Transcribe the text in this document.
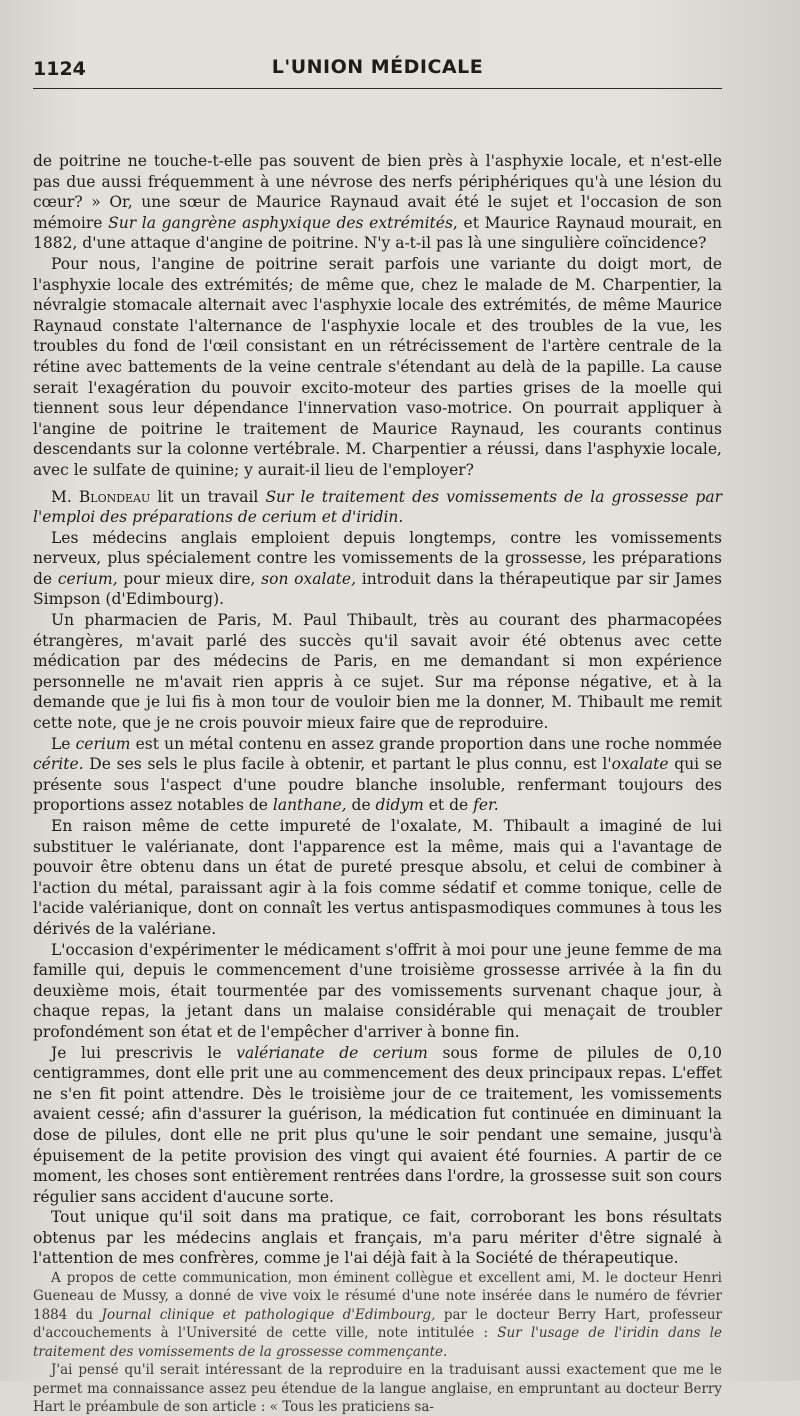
1124	L'UNION MÉDICALE

de poitrine ne touche-t-elle pas souvent de bien près à l'asphyxie locale, et n'est-elle pas due aussi fréquemment à une névrose des nerfs périphériques qu'à une lésion du cœur? » Or, une sœur de Maurice Raynaud avait été le sujet et l'occasion de son mémoire Sur la gangrène asphyxique des extrémités, et Maurice Raynaud mourait, en 1882, d'une attaque d'angine de poitrine. N'y a-t-il pas là une singulière coïncidence?

Pour nous, l'angine de poitrine serait parfois une variante du doigt mort, de l'asphyxie locale des extrémités; de même que, chez le malade de M. Charpentier, la névralgie stomacale alternait avec l'asphyxie locale des extrémités, de même Maurice Raynaud constate l'alternance de l'asphyxie locale et des troubles de la vue, les troubles du fond de l'œil consistant en un rétrécissement de l'artère centrale de la rétine avec battements de la veine centrale s'étendant au delà de la papille. La cause serait l'exagération du pouvoir excito-moteur des parties grises de la moelle qui tiennent sous leur dépendance l'innervation vaso-motrice. On pourrait appliquer à l'angine de poitrine le traitement de Maurice Raynaud, les courants continus descendants sur la colonne vertébrale. M. Charpentier a réussi, dans l'asphyxie locale, avec le sulfate de quinine; y aurait-il lieu de l'employer?

M. Blondeau lit un travail Sur le traitement des vomissements de la grossesse par l'emploi des préparations de cerium et d'iridin.

Les médecins anglais emploient depuis longtemps, contre les vomissements nerveux, plus spécialement contre les vomissements de la grossesse, les préparations de cerium, pour mieux dire, son oxalate, introduit dans la thérapeutique par sir James Simpson (d'Edimbourg).

Un pharmacien de Paris, M. Paul Thibault, très au courant des pharmacopées étrangères, m'avait parlé des succès qu'il savait avoir été obtenus avec cette médication par des médecins de Paris, en me demandant si mon expérience personnelle ne m'avait rien appris à ce sujet. Sur ma réponse négative, et à la demande que je lui fis à mon tour de vouloir bien me la donner, M. Thibault me remit cette note, que je ne crois pouvoir mieux faire que de reproduire.

Le cerium est un métal contenu en assez grande proportion dans une roche nommée cérite. De ses sels le plus facile à obtenir, et partant le plus connu, est l'oxalate qui se présente sous l'aspect d'une poudre blanche insoluble, renfermant toujours des proportions assez notables de lanthane, de didym et de fer.

En raison même de cette impureté de l'oxalate, M. Thibault a imaginé de lui substituer le valérianate, dont l'apparence est la même, mais qui a l'avantage de pouvoir être obtenu dans un état de pureté presque absolu, et celui de combiner à l'action du métal, paraissant agir à la fois comme sédatif et comme tonique, celle de l'acide valérianique, dont on connaît les vertus antispasmodiques communes à tous les dérivés de la valériane.

L'occasion d'expérimenter le médicament s'offrit à moi pour une jeune femme de ma famille qui, depuis le commencement d'une troisième grossesse arrivée à la fin du deuxième mois, était tourmentée par des vomissements survenant chaque jour, à chaque repas, la jetant dans un malaise considérable qui menaçait de troubler profondément son état et de l'empêcher d'arriver à bonne fin.

Je lui prescrivis le valérianate de cerium sous forme de pilules de 0,10 centigrammes, dont elle prit une au commencement des deux principaux repas. L'effet ne s'en fit point attendre. Dès le troisième jour de ce traitement, les vomissements avaient cessé; afin d'assurer la guérison, la médication fut continuée en diminuant la dose de pilules, dont elle ne prit plus qu'une le soir pendant une semaine, jusqu'à épuisement de la petite provision des vingt qui avaient été fournies. A partir de ce moment, les choses sont entièrement rentrées dans l'ordre, la grossesse suit son cours régulier sans accident d'aucune sorte.

Tout unique qu'il soit dans ma pratique, ce fait, corroborant les bons résultats obtenus par les médecins anglais et français, m'a paru mériter d'être signalé à l'attention de mes confrères, comme je l'ai déjà fait à la Société de thérapeutique.

A propos de cette communication, mon éminent collègue et excellent ami, M. le docteur Henri Gueneau de Mussy, a donné de vive voix le résumé d'une note insérée dans le numéro de février 1884 du Journal clinique et pathologique d'Edimbourg, par le docteur Berry Hart, professeur d'accouchements à l'Université de cette ville, note intitulée : Sur l'usage de l'iridin dans le traitement des vomissements de la grossesse commençante.

J'ai pensé qu'il serait intéressant de la reproduire en la traduisant aussi exactement que me le permet ma connaissance assez peu étendue de la langue anglaise, en empruntant au docteur Berry Hart le préambule de son article : « Tous les praticiens sa-
